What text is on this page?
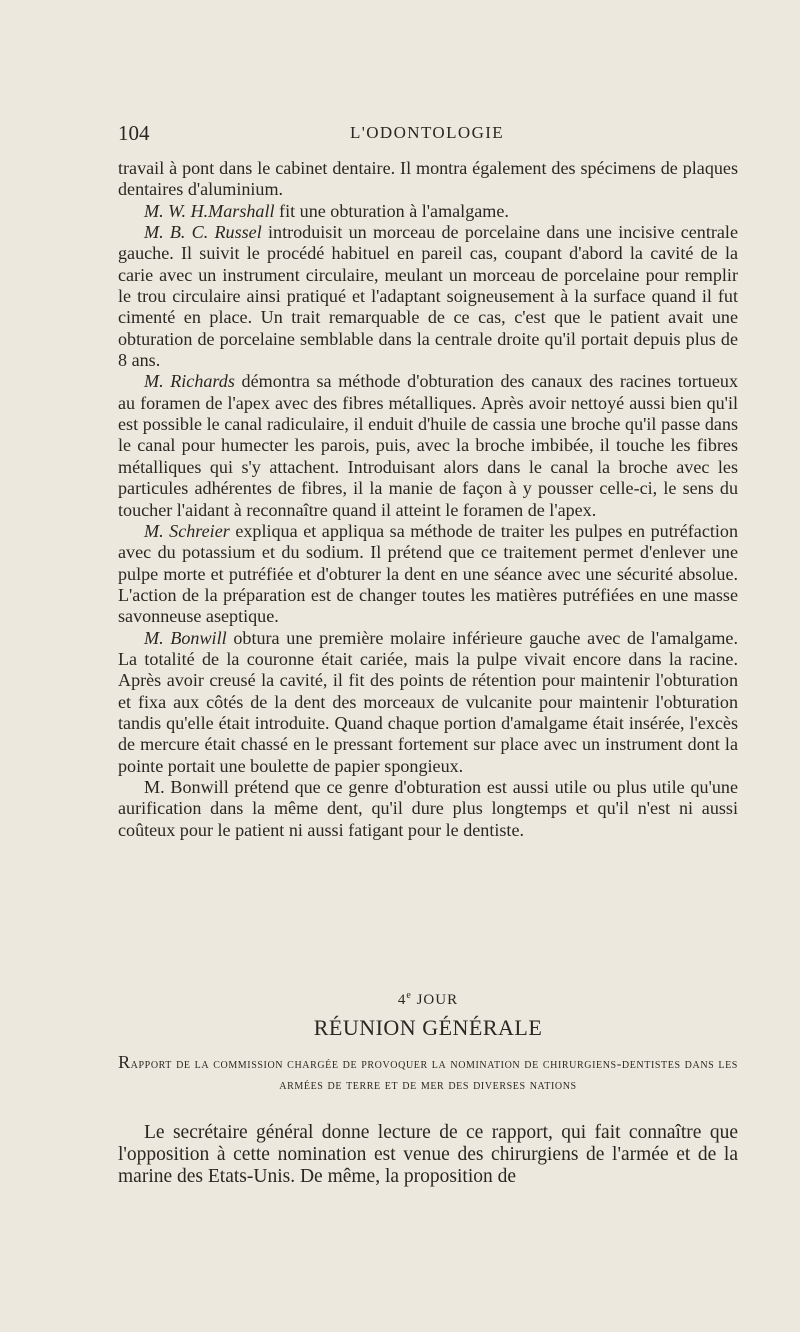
104	L'ODONTOLOGIE

travail à pont dans le cabinet dentaire. Il montra également des spécimens de plaques dentaires d'aluminium.

M. W. H.Marshall fit une obturation à l'amalgame.

M. B. C. Russel introduisit un morceau de porcelaine dans une incisive centrale gauche. Il suivit le procédé habituel en pareil cas, coupant d'abord la cavité de la carie avec un instrument circulaire, meulant un morceau de porcelaine pour remplir le trou circulaire ainsi pratiqué et l'adaptant soigneusement à la surface quand il fut cimenté en place. Un trait remarquable de ce cas, c'est que le patient avait une obturation de porcelaine semblable dans la centrale droite qu'il portait depuis plus de 8 ans.

M. Richards démontra sa méthode d'obturation des canaux des racines tortueux au foramen de l'apex avec des fibres métalliques. Après avoir nettoyé aussi bien qu'il est possible le canal radiculaire, il enduit d'huile de cassia une broche qu'il passe dans le canal pour humecter les parois, puis, avec la broche imbibée, il touche les fibres métalliques qui s'y attachent. Introduisant alors dans le canal la broche avec les particules adhérentes de fibres, il la manie de façon à y pousser celle-ci, le sens du toucher l'aidant à reconnaître quand il atteint le foramen de l'apex.

M. Schreier expliqua et appliqua sa méthode de traiter les pulpes en putréfaction avec du potassium et du sodium. Il prétend que ce traitement permet d'enlever une pulpe morte et putréfiée et d'obturer la dent en une séance avec une sécurité absolue. L'action de la préparation est de changer toutes les matières putréfiées en une masse savonneuse aseptique.

M. Bonwill obtura une première molaire inférieure gauche avec de l'amalgame. La totalité de la couronne était cariée, mais la pulpe vivait encore dans la racine. Après avoir creusé la cavité, il fit des points de rétention pour maintenir l'obturation et fixa aux côtés de la dent des morceaux de vulcanite pour maintenir l'obturation tandis qu'elle était introduite. Quand chaque portion d'amalgame était insérée, l'excès de mercure était chassé en le pressant fortement sur place avec un instrument dont la pointe portait une boulette de papier spongieux.

M. Bonwill prétend que ce genre d'obturation est aussi utile ou plus utile qu'une aurification dans la même dent, qu'il dure plus longtemps et qu'il n'est ni aussi coûteux pour le patient ni aussi fatigant pour le dentiste.

4e JOUR
RÉUNION GÉNÉRALE
Rapport de la commission chargée de provoquer la nomination de chirurgiens-dentistes dans les armées de terre et de mer des diverses nations

Le secrétaire général donne lecture de ce rapport, qui fait connaître que l'opposition à cette nomination est venue des chirurgiens de l'armée et de la marine des Etats-Unis. De même, la proposition de
